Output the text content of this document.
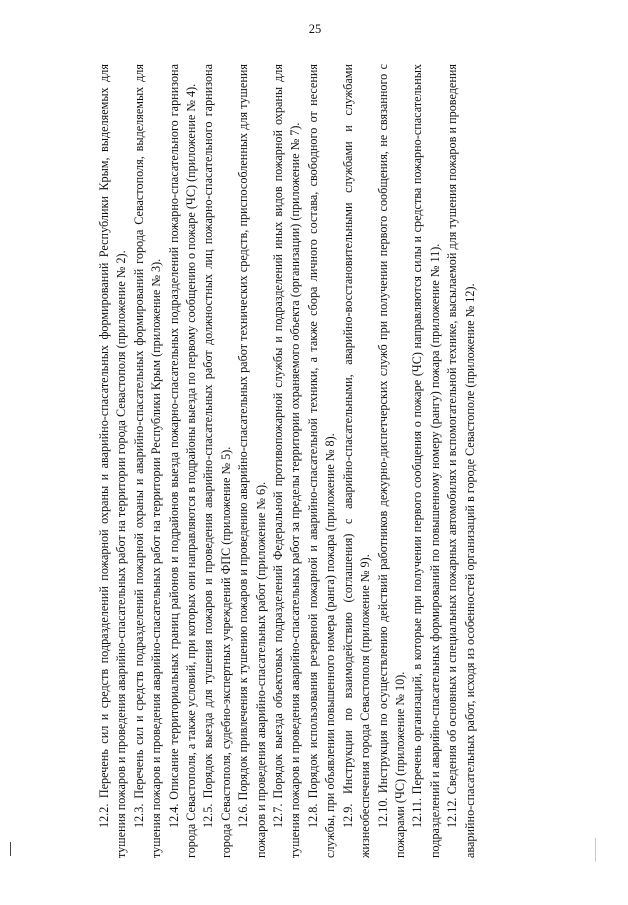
25

12.2. Перечень сил и средств подразделений пожарной охраны и аварийно-спасательных формирований Республики Крым, выделяемых для тушения пожаров и проведения аварийно-спасательных работ на территории города Севастополя (приложение № 2). 12.3. Перечень сил и средств подразделений пожарной охраны и аварийно-спасательных формирований города Севастополя, выделяемых для тушения пожаров и проведения аварийно-спасательных работ на территории Республики Крым (приложение № 3). 12.4. Описание территориальных границ районов и подрайонов выезда пожарно-спасательных подразделений пожарно-спасательного гарнизона города Севастополя, а также условий, при которых они направляются в подрайоны выезда по первому сообщению о пожаре (ЧС) (приложение № 4). 12.5. Порядок выезда для тушения пожаров и проведения аварийно-спасательных работ должностных лиц пожарно-спасательного гарнизона города Севастополя, судебно-экспертных учреждений ФПС (приложение № 5). 12.6. Порядок привлечения к тушению пожаров и проведению аварийно-спасательных работ технических средств, приспособленных для тушения пожаров и проведения аварийно-спасательных работ (приложение № 6). 12.7. Порядок выезда объектовых подразделений Федеральной противопожарной службы и подразделений иных видов пожарной охраны для тушения пожаров и проведения аварийно-спасательных работ за пределы территории охраняемого объекта (организации) (приложение № 7). 12.8. Порядок использования резервной пожарной и аварийно-спасательной техники, а также сбора личного состава, свободного от несения службы, при объявлении повышенного номера (ранга) пожара (приложение № 8). 12.9. Инструкции по взаимодействию (соглашения) с аварийно-спасательными, аварийно-восстановительными службами и службами жизнеобеспечения города Севастополя (приложение № 9). 12.10. Инструкция по осуществлению действий работников дежурно-диспетчерских служб при получении первого сообщения, не связанного с пожарами (ЧС) (приложение № 10). 12.11. Перечень организаций, в которые при получении первого сообщения о пожаре (ЧС) направляются силы и средства пожарно-спасательных подразделений и аварийно-спасательных формирований по повышенному номеру (рангу) пожара (приложение № 11). 12.12. Сведения об основных и специальных пожарных автомобилях и вспомогательной технике, высылаемой для тушения пожаров и проведения аварийно-спасательных работ, исходя из особенностей организаций в городе Севастополе (приложение № 12).
